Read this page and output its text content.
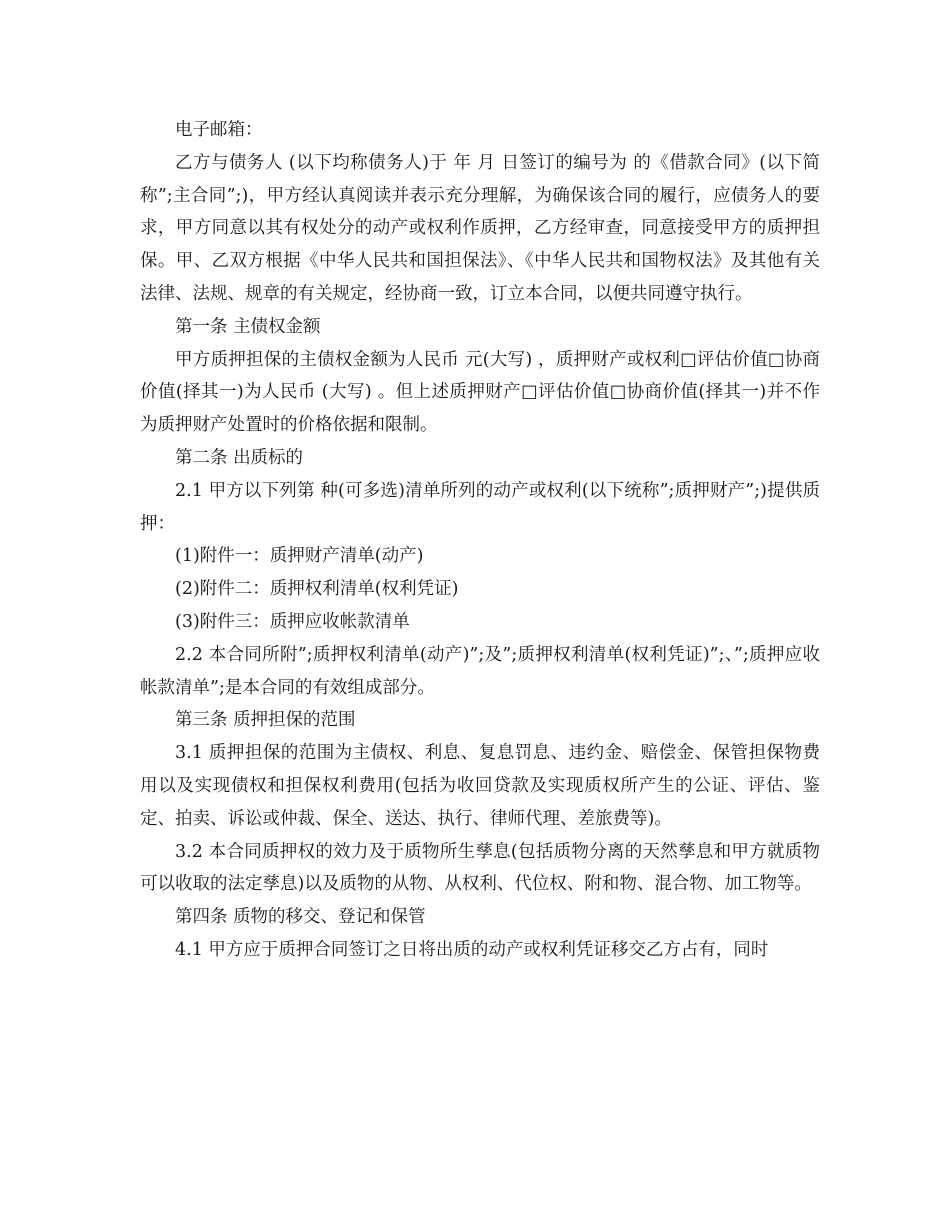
电子邮箱：

乙方与债务人 (以下均称债务人)于 年 月 日签订的编号为 的《借款合同》(以下简称”;主合同”;)，甲方经认真阅读并表示充分理解，为确保该合同的履行，应债务人的要求，甲方同意以其有权处分的动产或权利作质押，乙方经审查，同意接受甲方的质押担保。甲、乙双方根据《中华人民共和国担保法》、《中华人民共和国物权法》及其他有关法律、法规、规章的有关规定，经协商一致，订立本合同，以便共同遵守执行。

第一条 主债权金额

甲方质押担保的主债权金额为人民币 元(大写) ，质押财产或权利□评估价值□协商价值(择其一)为人民币 (大写) 。但上述质押财产□评估价值□协商价值(择其一)并不作为质押财产处置时的价格依据和限制。

第二条 出质标的

2.1 甲方以下列第 种(可多选)清单所列的动产或权利(以下统称”;质押财产”;)提供质押：

(1)附件一：质押财产清单(动产)

(2)附件二：质押权利清单(权利凭证)

(3)附件三：质押应收帐款清单

2.2 本合同所附”;质押权利清单(动产)”;及”;质押权利清单(权利凭证)”;、”;质押应收帐款清单”;是本合同的有效组成部分。

第三条 质押担保的范围

3.1 质押担保的范围为主债权、利息、复息罚息、违约金、赔偿金、保管担保物费用以及实现债权和担保权利费用(包括为收回贷款及实现质权所产生的公证、评估、鉴定、拍卖、诉讼或仲裁、保全、送达、执行、律师代理、差旅费等)。

3.2 本合同质押权的效力及于质物所生孳息(包括质物分离的天然孳息和甲方就质物可以收取的法定孳息)以及质物的从物、从权利、代位权、附和物、混合物、加工物等。

第四条 质物的移交、登记和保管

4.1 甲方应于质押合同签订之日将出质的动产或权利凭证移交乙方占有，同时
